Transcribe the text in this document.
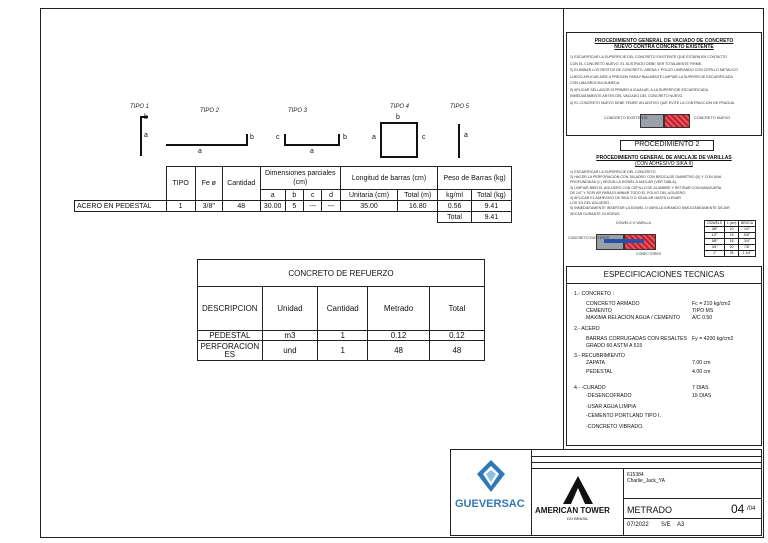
TIPO 1
TIPO 2	TIPO 3
TIPO 4	TIPO 5
b
a
a
b	c
a
b
b
a	c	a
	TIPO	Fe ø	Cantidad	Dimensiones parciales (cm)				Longitud de barras (cm)		Peso de Barras (kg)	
				a	b	c	d	Unitaria (cm)	Total (m)	kg/ml	Total (kg)
ACERO EN PEDESTAL	1	3/8"	48	30.00	5	---	---	35.00	16.80	0.56	9.41
										Total	9.41
CONCRETO DE REFUERZO				
DESCRIPCION	Unidad	Cantidad	Metrado	Total
PEDESTAL	m3	1	0.12	0.12
PERFORACIONES	und	1	48	48
PROCEDIMIENTO GENERAL DE VACIADO DE CONCRETO
NUEVO CONTRA CONCRETO EXISTENTE
1) ESCARIFICAR LA SUPERFICIE DEL CONCRETO EXISTENTE QUE ESTARA EN CONTACTO
CON EL CONCRETO NUEVO. EL SUSTRATO DEBE SER TOTALMENTE FIRME.
2) ELIMINAR LOS RESTOS DE CONCRETO, ARENA Y POLVO LIMPIANDO CON CEPILLO METALICO
LUEGO APLICAR AIRE A PRESION PARA FINALMENTE LIMPIAR LA SUPERFICIE ESCARIFICADA
CON UNA BROCHA HUMEDA.
3) APLICAR SELLADOR SI PRIMER A IGUALAR, A LA SUPERFICIE ESCARIFICADA
INMEDIATAMENTE ANTES DEL VACIADO DEL CONCRETO NUEVO.
4) EL CONCRETO NUEVO DEBE TENER UN ADITIVO QUE EVITE LA CONTRACCION DE FRAGUA.
CONCRETO EXISTENTE	CONCRETO NUEVO
PROCEDIMIENTO 2
PROCEDIMIENTO GENERAL DE ANCLAJE DE VARILLAS
(CON ADHESIVO SIKA II)
1) ESCARIFICAR LA SUPERFICIE DEL CONCRETO.
2) HACER LA PERFORACION CON TALADRO CON BROCA DE DIAMETRO (D) Y CON UNA
PROFUNDIDAD (L) SEGUN LA DOWEL A ANCLAR (VER TABLA).
3) LIMPIAR BIEN EL AGUJERO CON CEPILLO DE ALAMBRE Y RETIRAR CON MANGUERA
DE 1/4" Y SOPLAR PARA ELIMINAR TODO EL POLVO DEL AGUJERO.
4) APLICAR EL ADHESIVO DE SIKA O O IGUALAR HASTA LLENAR
LOS 2/3 DEL AGUJERO.
5) INMEDIATAMENTE INSERTAR LA DOWEL O VARILLA GIRANDO SIMULTANEAMENTE DEJAR
SECAR DURANTE 24 HORAS.
DOWELS O VARILLA
CONCRETO EXISTENTE
CONECTORES
DOWELS	L (cm)	BROCA
3/8"	10	1/2"
1/2"	15	5/8"
5/8"	18	3/4"
3/4"	20	7/8"
1"	25	1 1/4"
ESPECIFICACIONES TECNICAS
1.- CONCRETO :
CONCRETO ARMADO	Fc = 210 kg/cm2
CEMENTO	TIPO MS
MAXIMA RELACION AGUA / CEMENTO A/C 0.50
2.- ACERO
BARRAS CORRUGADAS CON RESALTES Fy = 4200 kg/cm2
GRADO 60 ASTM A 615
3.- RECUBRIMIENTO
ZAPATA	7.00 cm
PEDESTAL	4.00 cm
4.- -CURADO	7 DIAS
-DESENCOFRADO	15 DIAS
-USAR AGUA LIMPIA
-CEMENTO PORTLAND TIPO I.
-CONCRETO VIBRADO.
GUEVERSAC
AMERICAN TOWER
DO BRASIL
615384
Charlie_Jack_YA
METRADO
07/2022 S/E A3
04 /04
